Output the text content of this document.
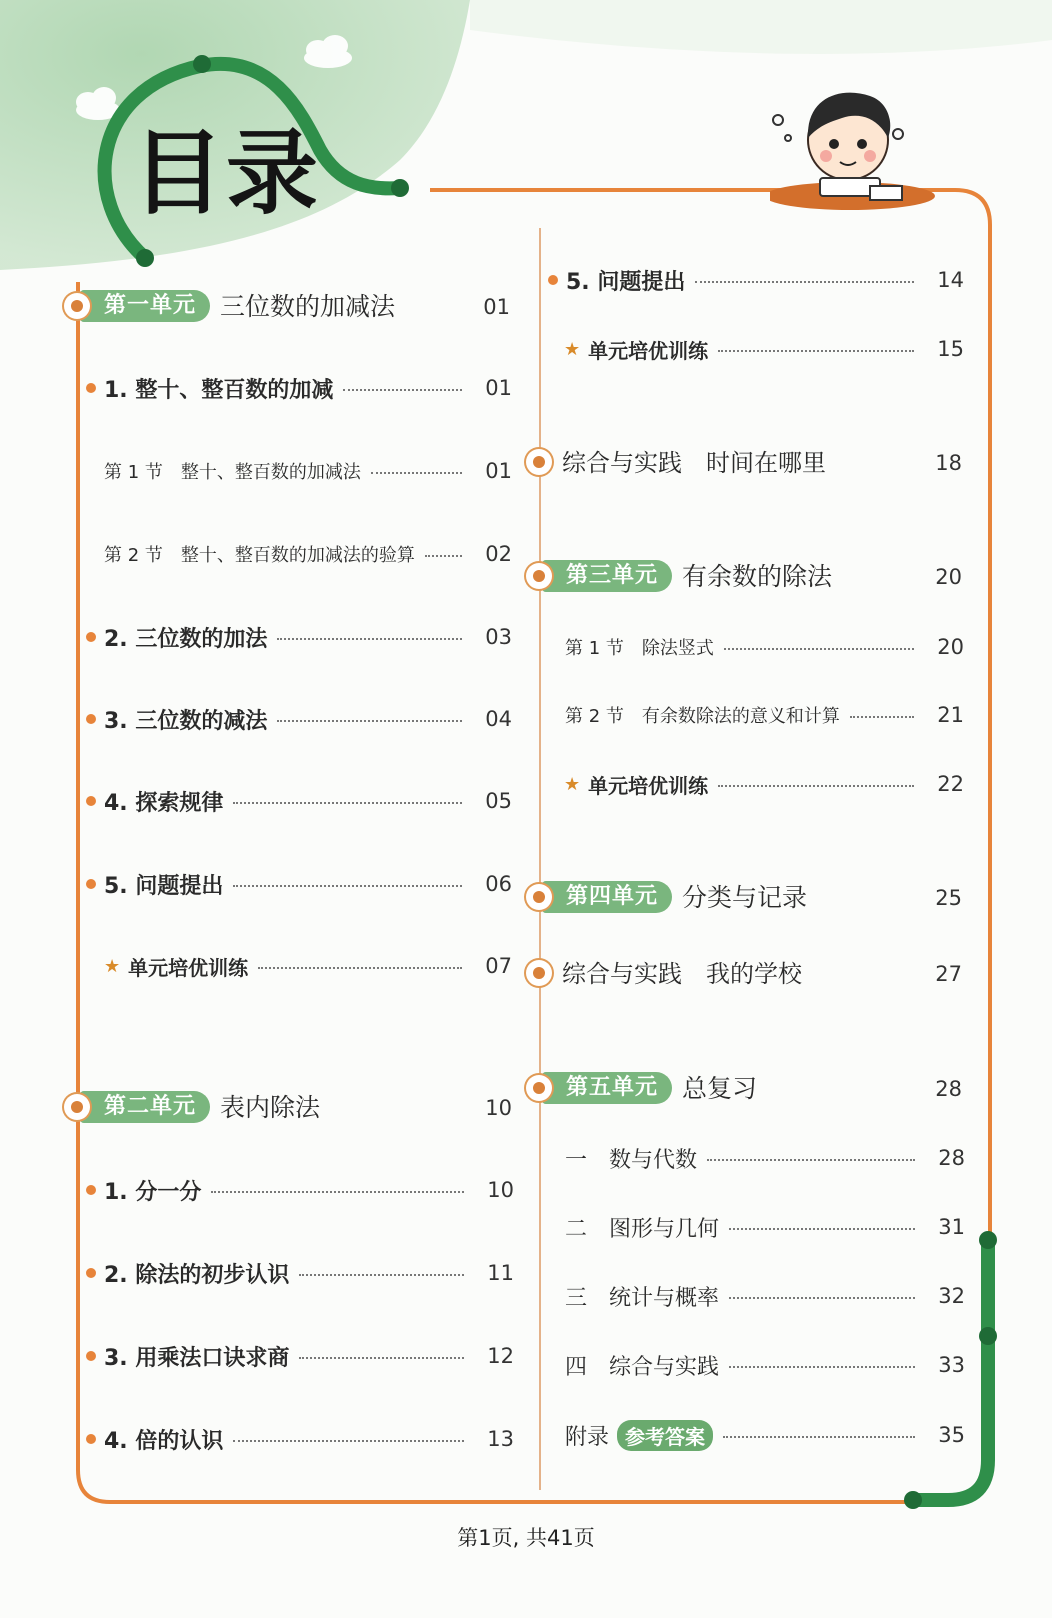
目录
第一单元 三位数的加减法	01
1. 整十、整百数的加减	01
第 1 节　整十、整百数的加减法	01
第 2 节　整十、整百数的加减法的验算	02
2. 三位数的加法	03
3. 三位数的减法	04
4. 探索规律	05
5. 问题提出	06
★ 单元培优训练	07
第二单元 表内除法	10
1. 分一分	10
2. 除法的初步认识	11
3. 用乘法口诀求商	12
4. 倍的认识	13
5. 问题提出	14
★ 单元培优训练	15
综合与实践　时间在哪里	18
第三单元 有余数的除法	20
第 1 节　除法竖式	20
第 2 节　有余数除法的意义和计算	21
★ 单元培优训练	22
第四单元 分类与记录	25
综合与实践　我的学校	27
第五单元 总复习	28
一　数与代数	28
二　图形与几何	31
三　统计与概率	32
四　综合与实践	33
附录 参考答案	35
第1页, 共41页
